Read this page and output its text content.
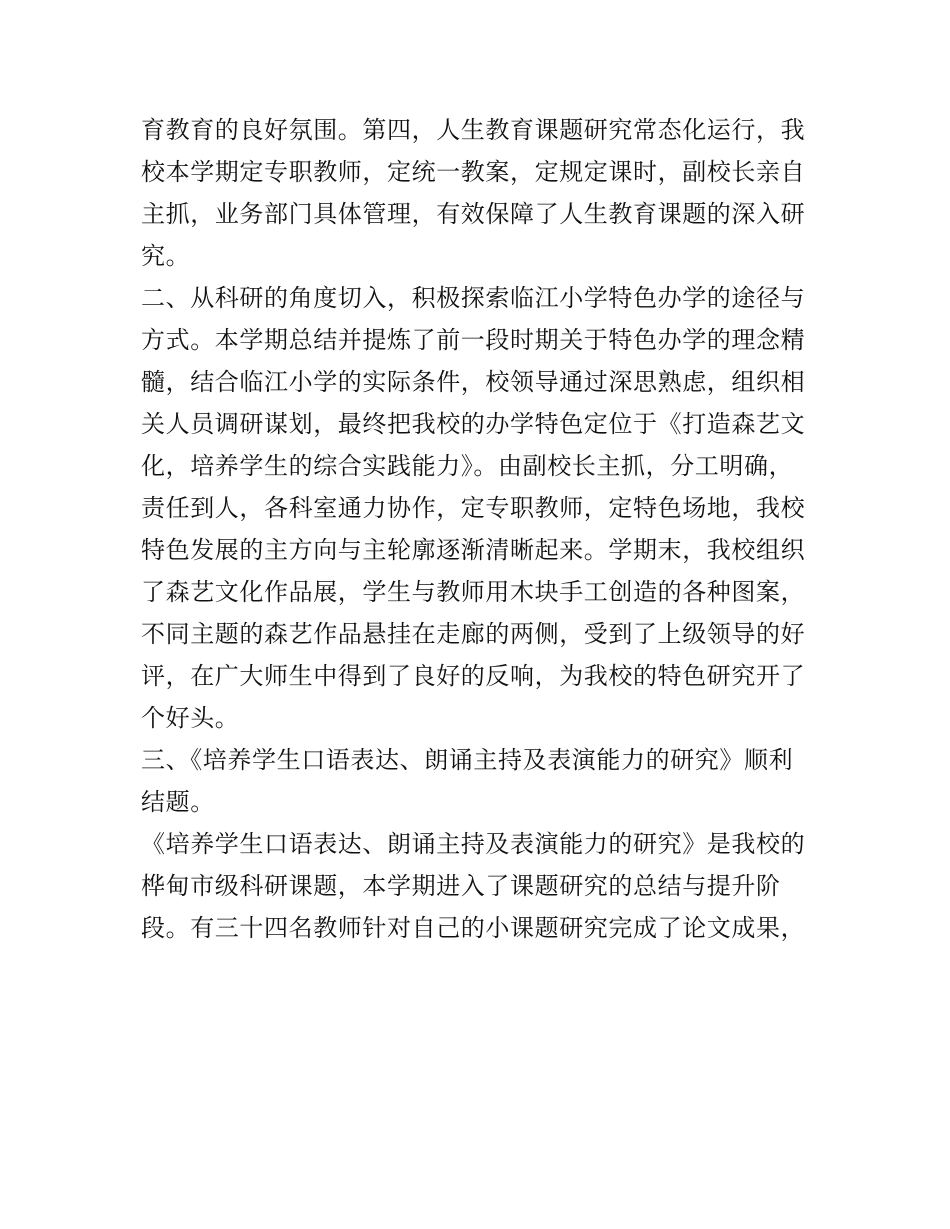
育教育的良好氛围。第四，人生教育课题研究常态化运行，我
校本学期定专职教师，定统一教案，定规定课时，副校长亲自
主抓，业务部门具体管理，有效保障了人生教育课题的深入研
究。
二、从科研的角度切入，积极探索临江小学特色办学的途径与
方式。本学期总结并提炼了前一段时期关于特色办学的理念精
髓，结合临江小学的实际条件，校领导通过深思熟虑，组织相
关人员调研谋划，最终把我校的办学特色定位于《打造森艺文
化，培养学生的综合实践能力》。由副校长主抓，分工明确，
责任到人，各科室通力协作，定专职教师，定特色场地，我校
特色发展的主方向与主轮廓逐渐清晰起来。学期末，我校组织
了森艺文化作品展，学生与教师用木块手工创造的各种图案，
不同主题的森艺作品悬挂在走廊的两侧，受到了上级领导的好
评，在广大师生中得到了良好的反响，为我校的特色研究开了
个好头。
三、《培养学生口语表达、朗诵主持及表演能力的研究》顺利
结题。
《培养学生口语表达、朗诵主持及表演能力的研究》是我校的
桦甸市级科研课题，本学期进入了课题研究的总结与提升阶
段。有三十四名教师针对自己的小课题研究完成了论文成果，
